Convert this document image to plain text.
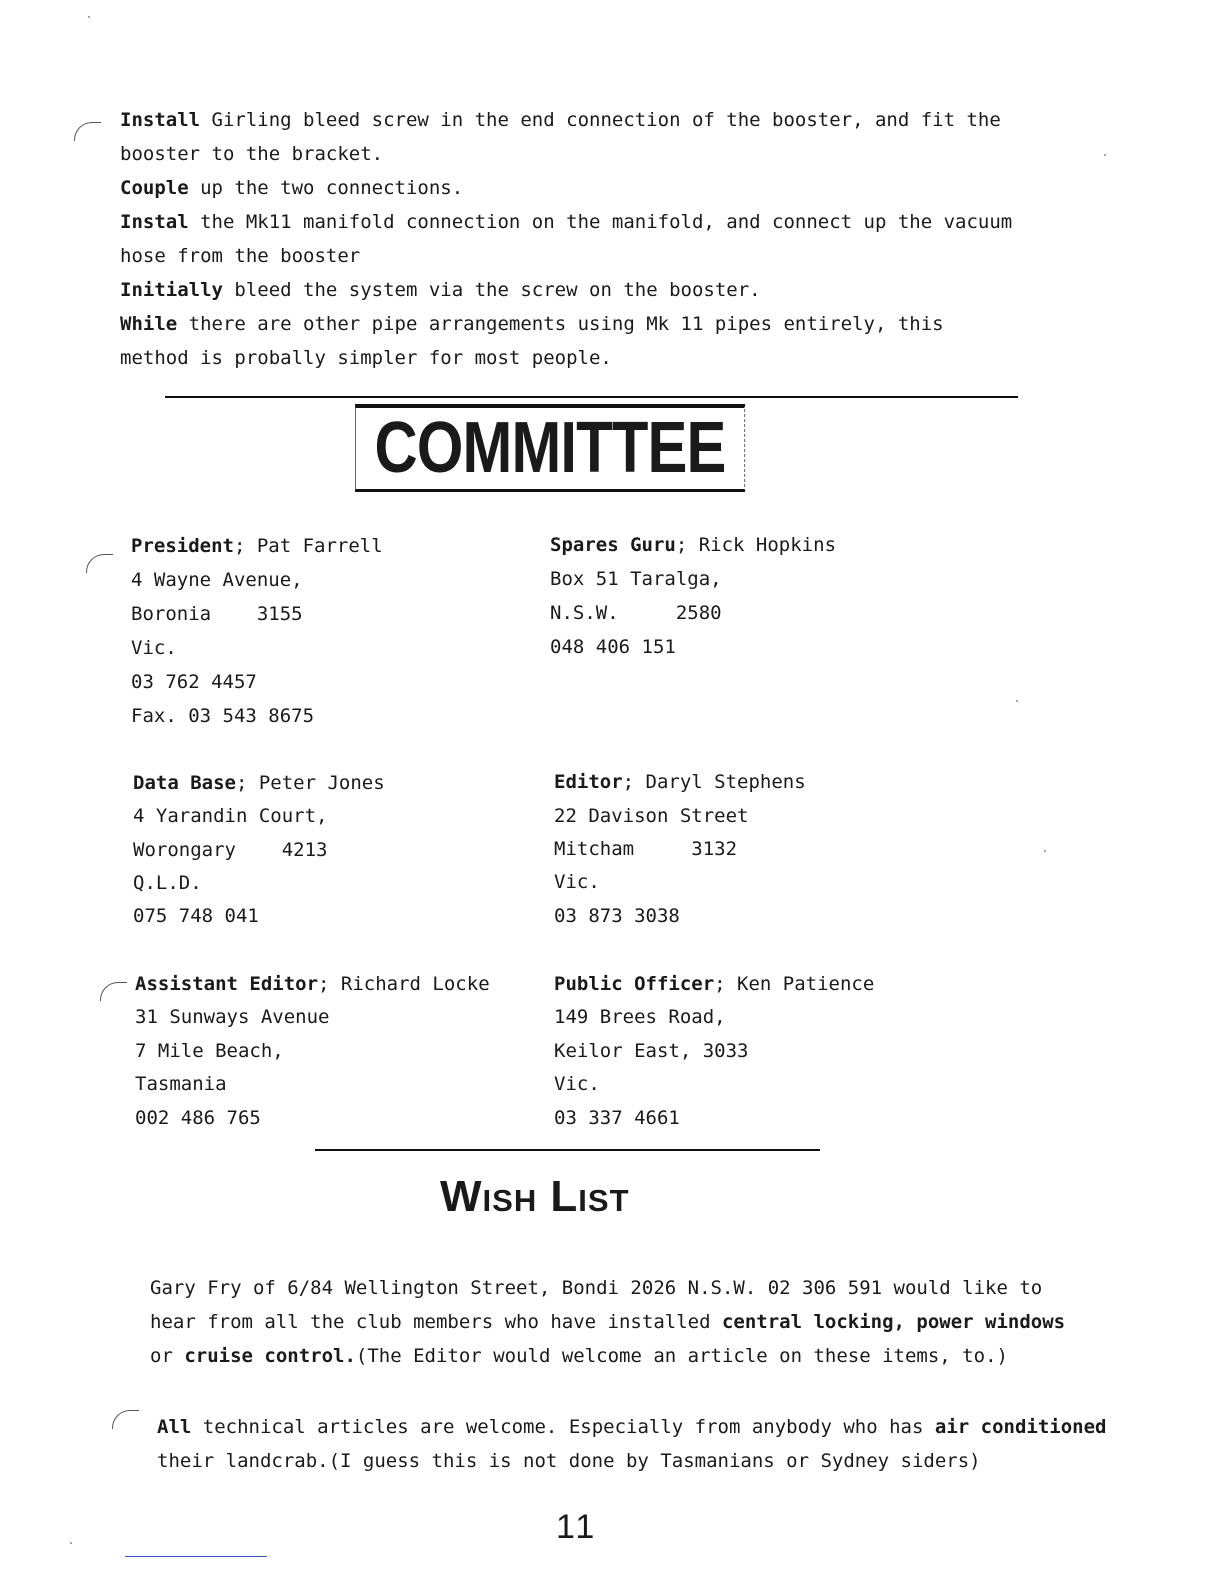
Install Girling bleed screw in the end connection of the booster, and fit the
booster to the bracket.
Couple up the two connections.
Instal the Mk11 manifold connection on the manifold, and connect up the vacuum
hose from the booster
Initially bleed the system via the screw on the booster.
While there are other pipe arrangements using Mk 11 pipes entirely, this
method is probally simpler for most people.
COMMITTEE
President; Pat Farrell
4 Wayne Avenue,
Boronia    3155
Vic.
03 762 4457
Fax. 03 543 8675
Spares Guru; Rick Hopkins
Box 51 Taralga,
N.S.W.     2580
048 406 151
Data Base; Peter Jones
4 Yarandin Court,
Worongary    4213
Q.L.D.
075 748 041
Editor; Daryl Stephens
22 Davison Street
Mitcham     3132
Vic.
03 873 3038
Assistant Editor; Richard Locke
31 Sunways Avenue
7 Mile Beach,
Tasmania
002 486 765
Public Officer; Ken Patience
149 Brees Road,
Keilor East, 3033
Vic.
03 337 4661
Wish List
Gary Fry of 6/84 Wellington Street, Bondi 2026 N.S.W. 02 306 591 would like to
hear from all the club members who have installed central locking, power windows
or cruise control.(The Editor would welcome an article on these items, to.)
All technical articles are welcome. Especially from anybody who has air conditioned
their landcrab.(I guess this is not done by Tasmanians or Sydney siders)
11
